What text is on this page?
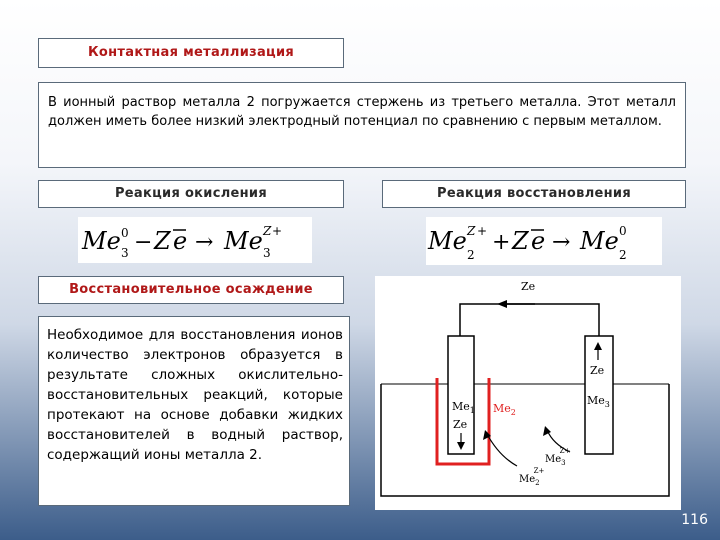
Контактная металлизация
В ионный раствор металла 2 погружается стержень из третьего металла. Этот металл должен иметь более низкий электродный потенциал по сравнению с первым металлом.
Реакция окисления	Реакция восстановления
Me 0
3 − Z e → Me 3
Z +	Me Z +
2 + Z e → Me 0
2
Восстановительное осаждение
Необходимое для восстановления ионов количество электронов образуется в результате сложных окислительно-восстановительных реакций, которые протекают на основе добавки жидких восстановителей в водный раствор, содержащий ионы металла 2.
Ze
$Me_1$
Ze
Ze
$Me_3$
$Me_2$
$Me_3Z+$
$Me_2Z+$
116
